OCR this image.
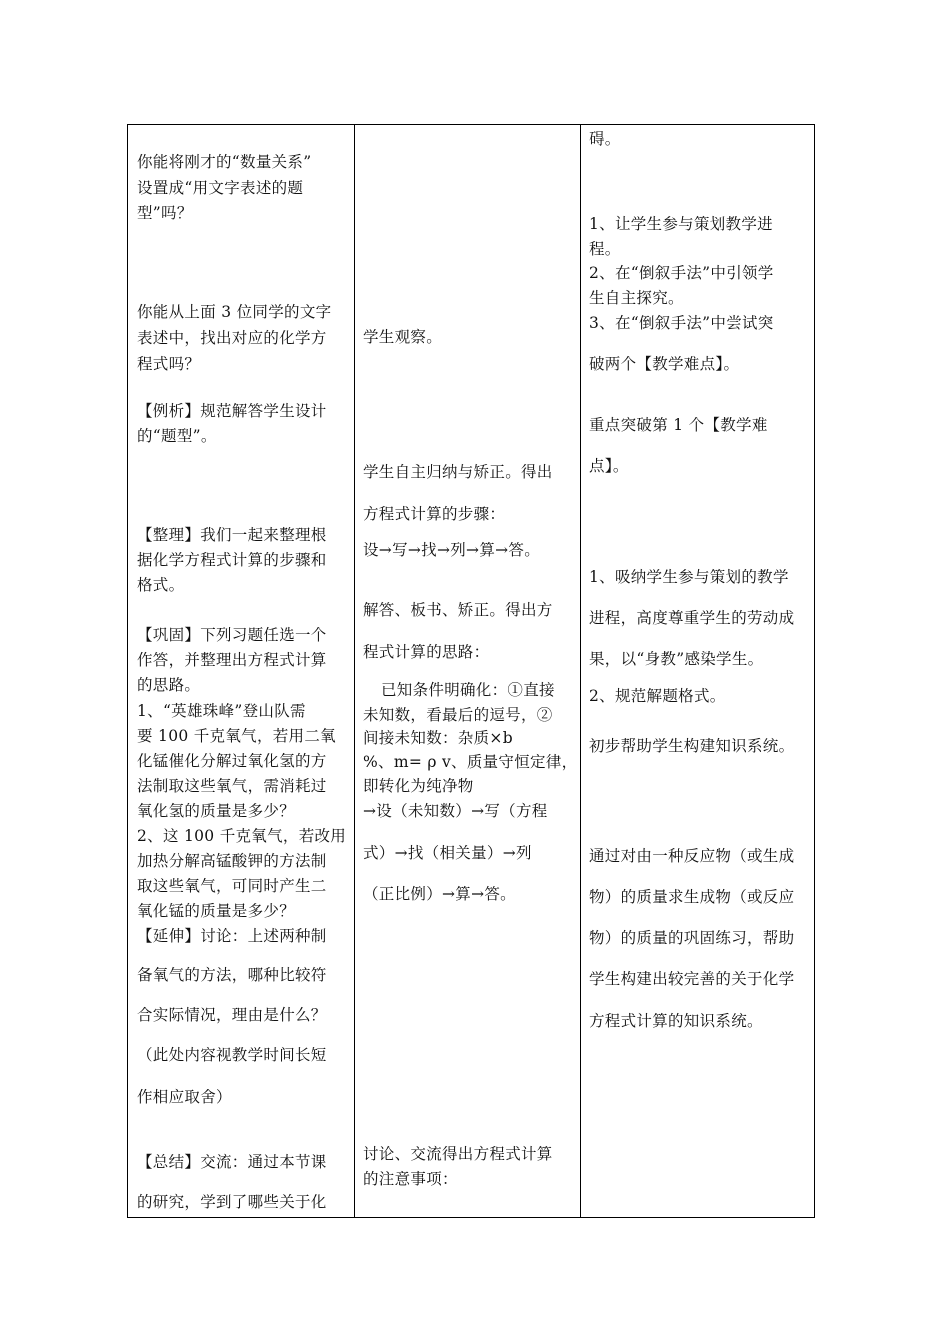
你能将刚才的“数量关系”
设置成“用文字表述的题
型”吗？
你能从上面 3 位同学的文字
表述中，找出对应的化学方
程式吗？
【例析】规范解答学生设计
的“题型”。
【整理】我们一起来整理根
据化学方程式计算的步骤和
格式。
【巩固】下列习题任选一个
作答，并整理出方程式计算
的思路。
1、“英雄珠峰”登山队需
要 100 千克氧气，若用二氧
化锰催化分解过氧化氢的方
法制取这些氧气，需消耗过
氧化氢的质量是多少？
2、这 100 千克氧气，若改用
加热分解高锰酸钾的方法制
取这些氧气，可同时产生二
氧化锰的质量是多少？
【延伸】讨论：上述两种制
备氧气的方法，哪种比较符
合实际情况，理由是什么？
（此处内容视教学时间长短
作相应取舍）
【总结】交流：通过本节课
的研究，学到了哪些关于化
学生观察。
学生自主归纳与矫正。得出
方程式计算的步骤：
设→写→找→列→算→答。
解答、板书、矫正。得出方
程式计算的思路：
已知条件明确化：①直接
未知数，看最后的逗号，②
间接未知数：杂质×b
%、m= ρ v、质量守恒定律，
即转化为纯净物
→设（未知数）→写（方程
式）→找（相关量）→列
（正比例）→算→答。
讨论、交流得出方程式计算
的注意事项：
碍。
1、让学生参与策划教学进
程。
2、在“倒叙手法”中引领学
生自主探究。
3、在“倒叙手法”中尝试突
破两个【教学难点】。
重点突破第 1 个【教学难
点】。
1、吸纳学生参与策划的教学
进程，高度尊重学生的劳动成
果，以“身教”感染学生。
2、规范解题格式。
初步帮助学生构建知识系统。
通过对由一种反应物（或生成
物）的质量求生成物（或反应
物）的质量的巩固练习，帮助
学生构建出较完善的关于化学
方程式计算的知识系统。
